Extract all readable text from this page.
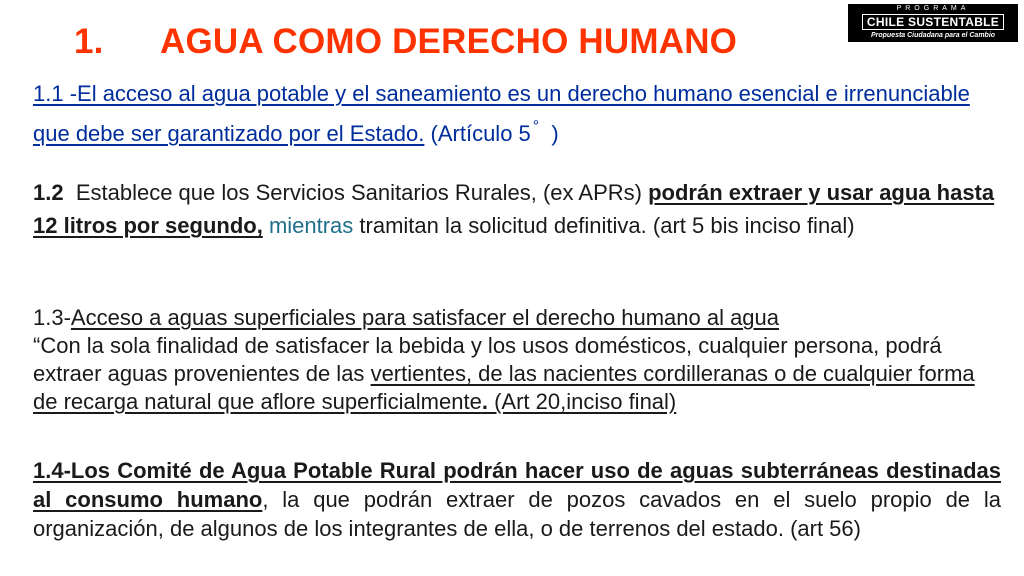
1. AGUA COMO DERECHO HUMANO
PROGRAMA
CHILE SUSTENTABLE
Propuesta Ciudadana para el Cambio

1.1 -El acceso al agua potable y el saneamiento es un derecho humano esencial e irrenunciable que debe ser garantizado por el Estado. (Artículo 5 ° )

1.2 Establece que los Servicios Sanitarios Rurales, (ex APRs) podrán extraer y usar agua hasta 12 litros por segundo, mientras tramitan la solicitud definitiva. (art 5 bis inciso final)

1.3-Acceso a aguas superficiales para satisfacer el derecho humano al agua
“Con la sola finalidad de satisfacer la bebida y los usos domésticos, cualquier persona, podrá extraer aguas provenientes de las vertientes, de las nacientes cordilleranas o de cualquier forma de recarga natural que aflore superficialmente. (Art 20,inciso final)

1.4-Los Comité de Agua Potable Rural podrán hacer uso de aguas subterráneas destinadas al consumo humano, la que podrán extraer de pozos cavados en el suelo propio de la organización, de algunos de los integrantes de ella, o de terrenos del estado. (art 56)
